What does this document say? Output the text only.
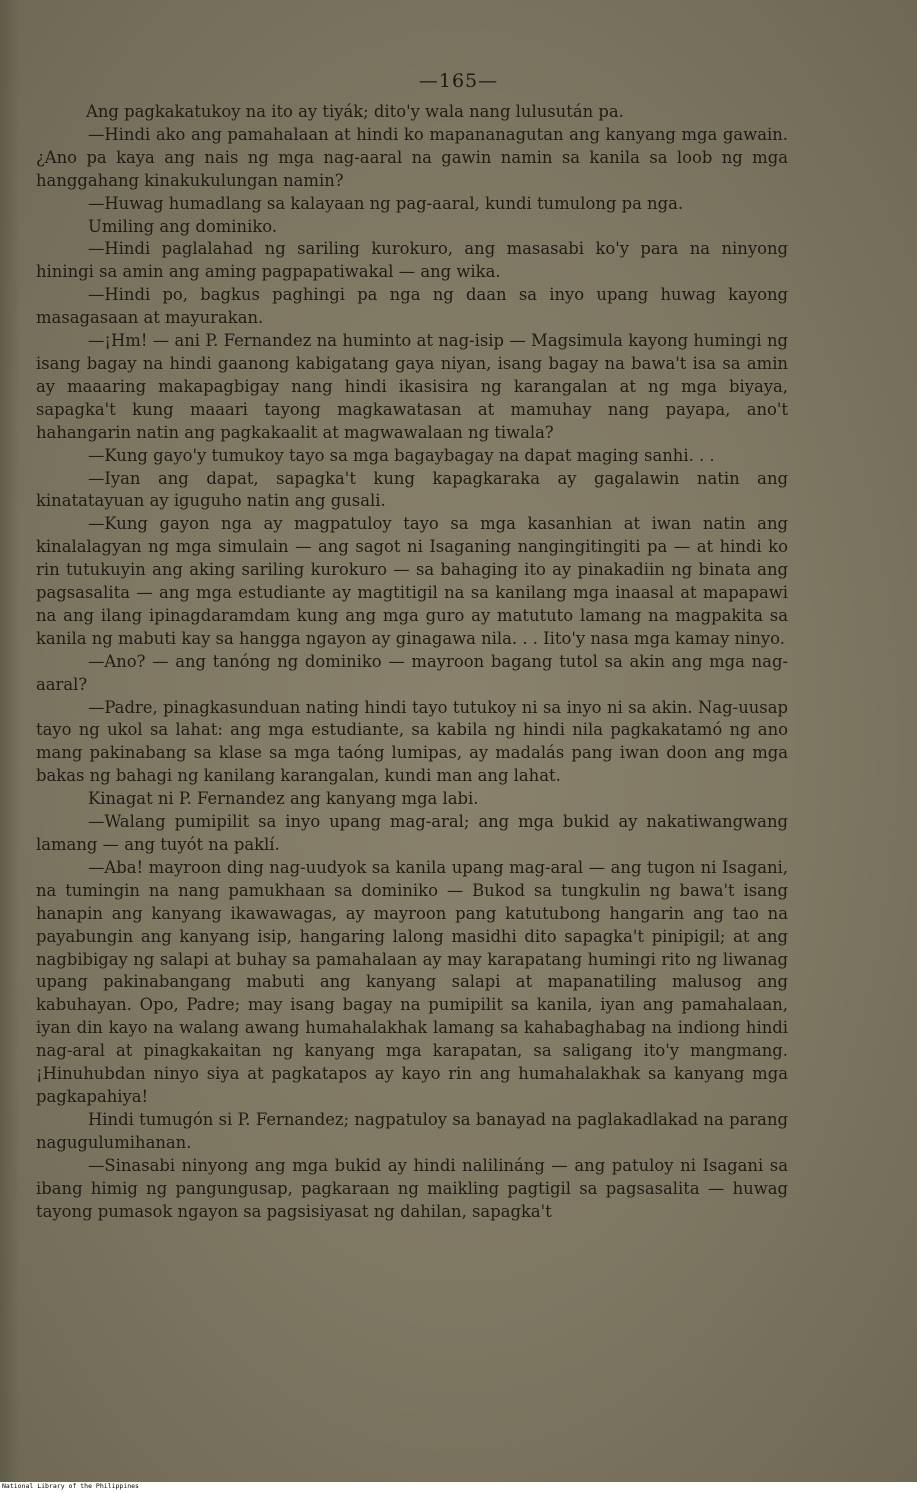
—165—

Ang pagkakatukoy na ito ay tiyák; dito'y wala nang lulusután pa.

—Hindi ako ang pamahalaan at hindi ko mapananagutan ang kanyang mga gawain. ¿Ano pa kaya ang nais ng mga nag-aaral na gawin namin sa kanila sa loob ng mga hanggahang kinakukulungan namin?

—Huwag humadlang sa kalayaan ng pag-aaral, kundi tumulong pa nga.

Umiling ang dominiko.

—Hindi paglalahad ng sariling kurokuro, ang masasabi ko'y para na ninyong hiningi sa amin ang aming pagpapatiwakal — ang wika.

—Hindi po, bagkus paghingi pa nga ng daan sa inyo upang huwag kayong masagasaan at mayurakan.

—¡Hm! — ani P. Fernandez na huminto at nag-isip — Magsimula kayong humingi ng isang bagay na hindi gaanong kabigatang gaya niyan, isang bagay na bawa't isa sa amin ay maaaring makapagbigay nang hindi ikasisira ng karangalan at ng mga biyaya, sapagka't kung maaari tayong magkawatasan at mamuhay nang payapa, ano't hahangarin natin ang pagkakaalit at magwawalaan ng tiwala?

—Kung gayo'y tumukoy tayo sa mga bagaybagay na dapat maging sanhi. . .

—Iyan ang dapat, sapagka't kung kapagkaraka ay gagalawin natin ang kinatatayuan ay iguguho natin ang gusali.

—Kung gayon nga ay magpatuloy tayo sa mga kasanhian at iwan natin ang kinalalagyan ng mga simulain — ang sagot ni Isaganing nangingitingiti pa — at hindi ko rin tutukuyin ang aking sariling kurokuro — sa bahaging ito ay pinakadiin ng binata ang pagsasalita — ang mga estudiante ay magtitigil na sa kanilang mga inaasal at mapapawi na ang ilang ipinagdaramdam kung ang mga guro ay matututo lamang na magpakita sa kanila ng mabuti kay sa hangga ngayon ay ginagawa nila. . . Iito'y nasa mga kamay ninyo.

—Ano? — ang tanóng ng dominiko — mayroon bagang tutol sa akin ang mga nag-aaral?

—Padre, pinagkasunduan nating hindi tayo tutukoy ni sa inyo ni sa akin. Nag-uusap tayo ng ukol sa lahat: ang mga estudiante, sa kabila ng hindi nila pagkakatamó ng ano mang pakinabang sa klase sa mga taóng lumipas, ay madalás pang iwan doon ang mga bakas ng bahagi ng kanilang karangalan, kundi man ang lahat.

Kinagat ni P. Fernandez ang kanyang mga labi.

—Walang pumipilit sa inyo upang mag-aral; ang mga bukid ay nakatiwangwang lamang — ang tuyót na paklí.

—Aba! mayroon ding nag-uudyok sa kanila upang mag-aral — ang tugon ni Isagani, na tumingin na nang pamukhaan sa dominiko — Bukod sa tungkulin ng bawa't isang hanapin ang kanyang ikawawagas, ay mayroon pang katutubong hangarin ang tao na payabungin ang kanyang isip, hangaring lalong masidhi dito sapagka't pinipigil; at ang nagbibigay ng salapi at buhay sa pamahalaan ay may karapatang humingi rito ng liwanag upang pakinabangang mabuti ang kanyang salapi at mapanatiling malusog ang kabuhayan. Opo, Padre; may isang bagay na pumipilit sa kanila, iyan ang pamahalaan, iyan din kayo na walang awang humahalakhak lamang sa kahabaghabag na indiong hindi nag-aral at pinagkakaitan ng kanyang mga karapatan, sa saligang ito'y mangmang. ¡Hinuhubdan ninyo siya at pagkatapos ay kayo rin ang humahalakhak sa kanyang mga pagkapahiya!

Hindi tumugón si P. Fernandez; nagpatuloy sa banayad na paglakadlakad na parang nagugulumihanan.

—Sinasabi ninyong ang mga bukid ay hindi nalilináng — ang patuloy ni Isagani sa ibang himig ng pangungusap, pagkaraan ng maikling pagtigil sa pagsasalita — huwag tayong pumasok ngayon sa pagsisiyasat ng dahilan, sapagka't

National Library of the Philippines
